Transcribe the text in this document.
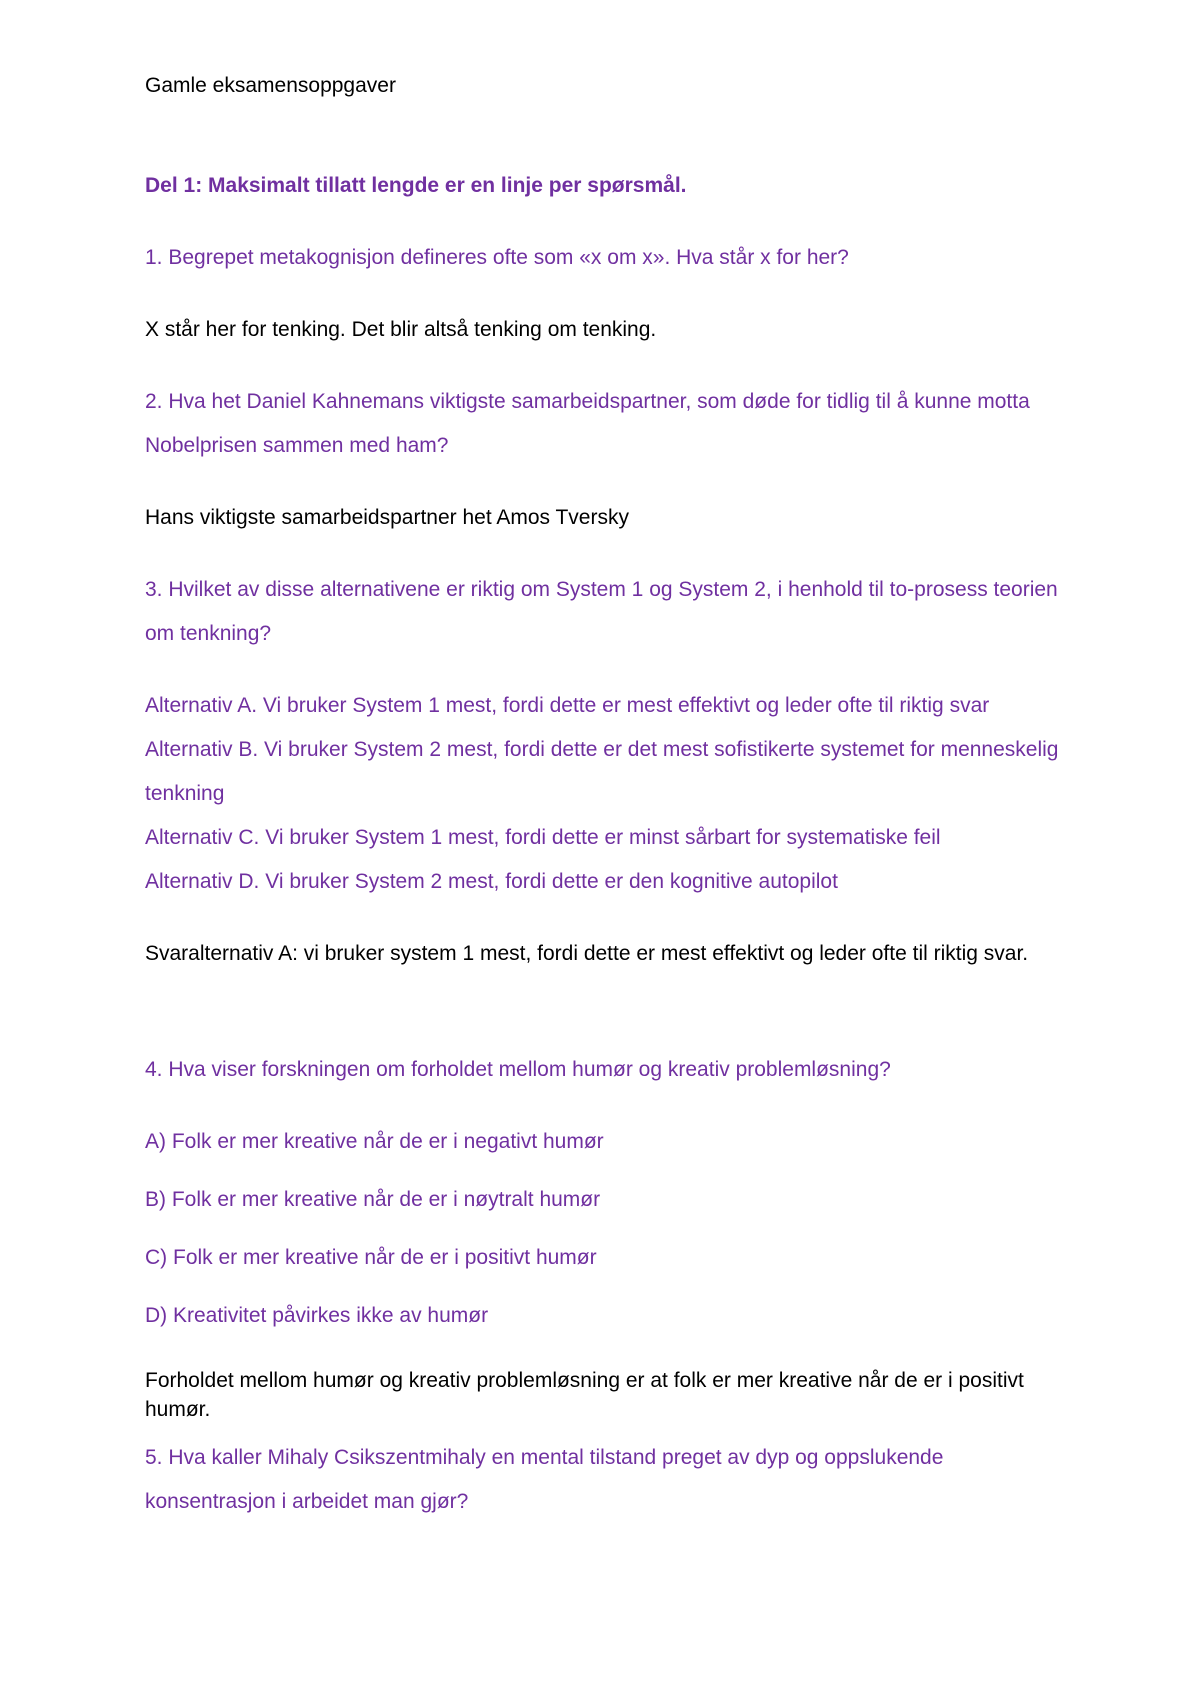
Gamle eksamensoppgaver
Del 1: Maksimalt tillatt lengde er en linje per spørsmål.
1. Begrepet metakognisjon defineres ofte som «x om x». Hva står x for her?
X står her for tenking. Det blir altså tenking om tenking.
2. Hva het Daniel Kahnemans viktigste samarbeidspartner, som døde for tidlig til å kunne motta Nobelprisen sammen med ham?
Hans viktigste samarbeidspartner het Amos Tversky
3. Hvilket av disse alternativene er riktig om System 1 og System 2, i henhold til to-prosess teorien om tenkning?
Alternativ A. Vi bruker System 1 mest, fordi dette er mest effektivt og leder ofte til riktig svar
Alternativ B. Vi bruker System 2 mest, fordi dette er det mest sofistikerte systemet for menneskelig tenkning
Alternativ C. Vi bruker System 1 mest, fordi dette er minst sårbart for systematiske feil
Alternativ D. Vi bruker System 2 mest, fordi dette er den kognitive autopilot
Svaralternativ A: vi bruker system 1 mest, fordi dette er mest effektivt og leder ofte til riktig svar.
4. Hva viser forskningen om forholdet mellom humør og kreativ problemløsning?
A) Folk er mer kreative når de er i negativt humør
B) Folk er mer kreative når de er i nøytralt humør
C) Folk er mer kreative når de er i positivt humør
D) Kreativitet påvirkes ikke av humør
Forholdet mellom humør og kreativ problemløsning er at folk er mer kreative når de er i positivt humør.
5. Hva kaller Mihaly Csikszentmihaly en mental tilstand preget av dyp og oppslukende konsentrasjon i arbeidet man gjør?
